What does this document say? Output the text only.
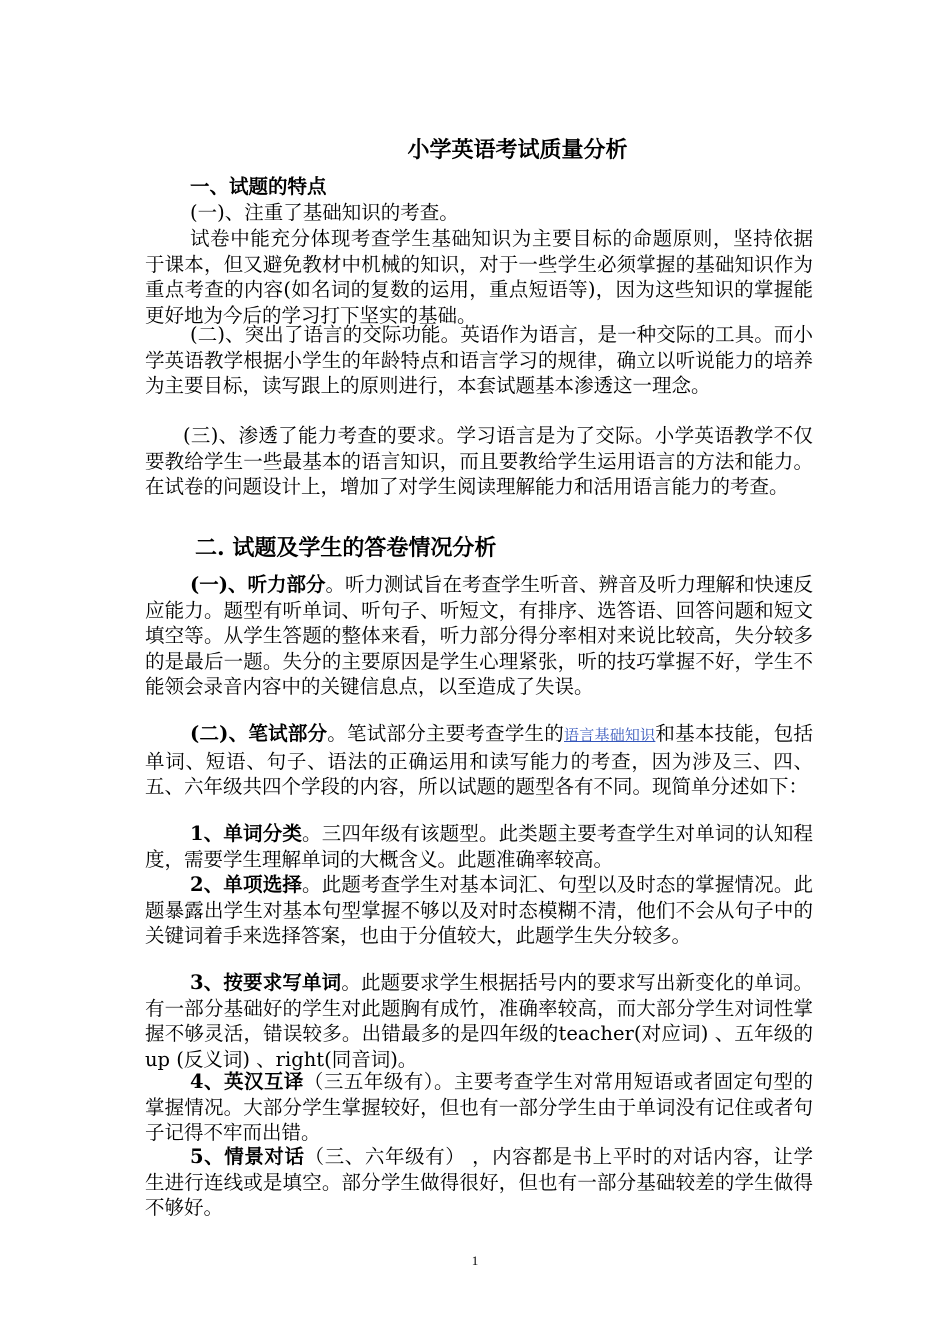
小学英语考试质量分析
一、试题的特点
(一)、注重了基础知识的考查。
试卷中能充分体现考查学生基础知识为主要目标的命题原则，坚持依据于课本，但又避免教材中机械的知识，对于一些学生必须掌握的基础知识作为重点考查的内容(如名词的复数的运用，重点短语等)，因为这些知识的掌握能更好地为今后的学习打下坚实的基础。
(二)、突出了语言的交际功能。英语作为语言，是一种交际的工具。而小学英语教学根据小学生的年龄特点和语言学习的规律，确立以听说能力的培养为主要目标，读写跟上的原则进行，本套试题基本渗透这一理念。
(三)、渗透了能力考查的要求。学习语言是为了交际。小学英语教学不仅要教给学生一些最基本的语言知识，而且要教给学生运用语言的方法和能力。在试卷的问题设计上，增加了对学生阅读理解能力和活用语言能力的考查。
二. 试题及学生的答卷情况分析
(一)、听力部分。听力测试旨在考查学生听音、辨音及听力理解和快速反应能力。题型有听单词、听句子、听短文，有排序、选答语、回答问题和短文填空等。从学生答题的整体来看，听力部分得分率相对来说比较高，失分较多的是最后一题。失分的主要原因是学生心理紧张，听的技巧掌握不好，学生不能领会录音内容中的关键信息点，以至造成了失误。
(二)、笔试部分。笔试部分主要考查学生的语言基础知识和基本技能，包括单词、短语、句子、语法的正确运用和读写能力的考查，因为涉及三、四、五、六年级共四个学段的内容，所以试题的题型各有不同。现简单分述如下：
1、单词分类。三四年级有该题型。此类题主要考查学生对单词的认知程度，需要学生理解单词的大概含义。此题准确率较高。
2、单项选择。此题考查学生对基本词汇、句型以及时态的掌握情况。此题暴露出学生对基本句型掌握不够以及对时态模糊不清，他们不会从句子中的关键词着手来选择答案，也由于分值较大，此题学生失分较多。
3、按要求写单词。此题要求学生根据括号内的要求写出新变化的单词。有一部分基础好的学生对此题胸有成竹，准确率较高，而大部分学生对词性掌握不够灵活，错误较多。出错最多的是四年级的teacher(对应词) 、五年级的 up (反义词) 、right(同音词)。
4、英汉互译（三五年级有）。主要考查学生对常用短语或者固定句型的掌握情况。大部分学生掌握较好，但也有一部分学生由于单词没有记住或者句子记得不牢而出错。
5、情景对话（三、六年级有） ，内容都是书上平时的对话内容，让学生进行连线或是填空。部分学生做得很好，但也有一部分基础较差的学生做得不够好。
1
